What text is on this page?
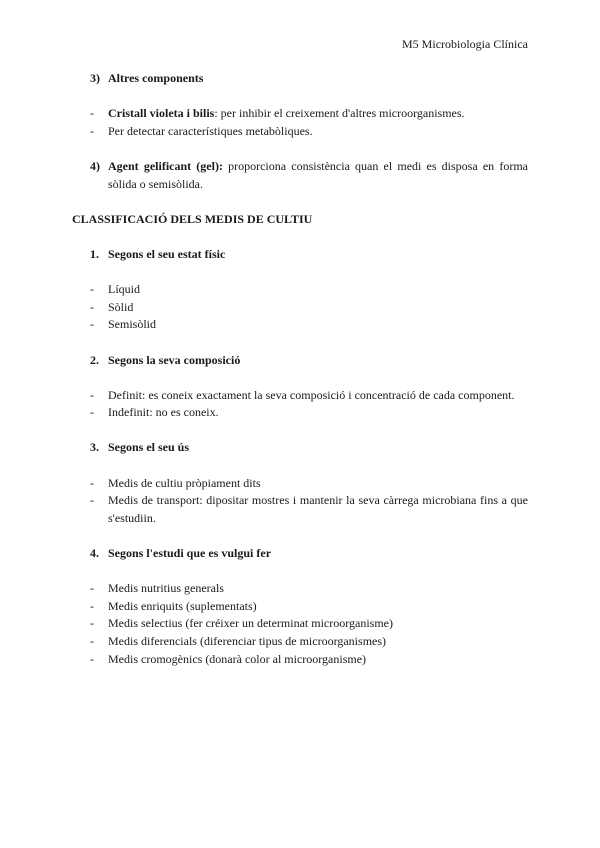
M5 Microbiologia Clínica
3) Altres components
- Cristall violeta i bilis: per inhibir el creixement d'altres microorganismes.
- Per detectar característiques metabòliques.
4) Agent gelificant (gel): proporciona consistència quan el medi es disposa en forma sòlida o semisòlida.
CLASSIFICACIÓ DELS MEDIS DE CULTIU
1. Segons el seu estat físic
- Líquid
- Sòlid
- Semisòlid
2. Segons la seva composició
- Definit: es coneix exactament la seva composició i concentració de cada component.
- Indefinit: no es coneix.
3. Segons el seu ús
- Medis de cultiu pròpiament dits
- Medis de transport: dipositar mostres i mantenir la seva càrrega microbiana fins a que s'estudiin.
4. Segons l'estudi que es vulgui fer
- Medis nutritius generals
- Medis enriquits (suplementats)
- Medis selectius (fer créixer un determinat microorganisme)
- Medis diferencials (diferenciar tipus de microorganismes)
- Medis cromogènics (donarà color al microorganisme)
